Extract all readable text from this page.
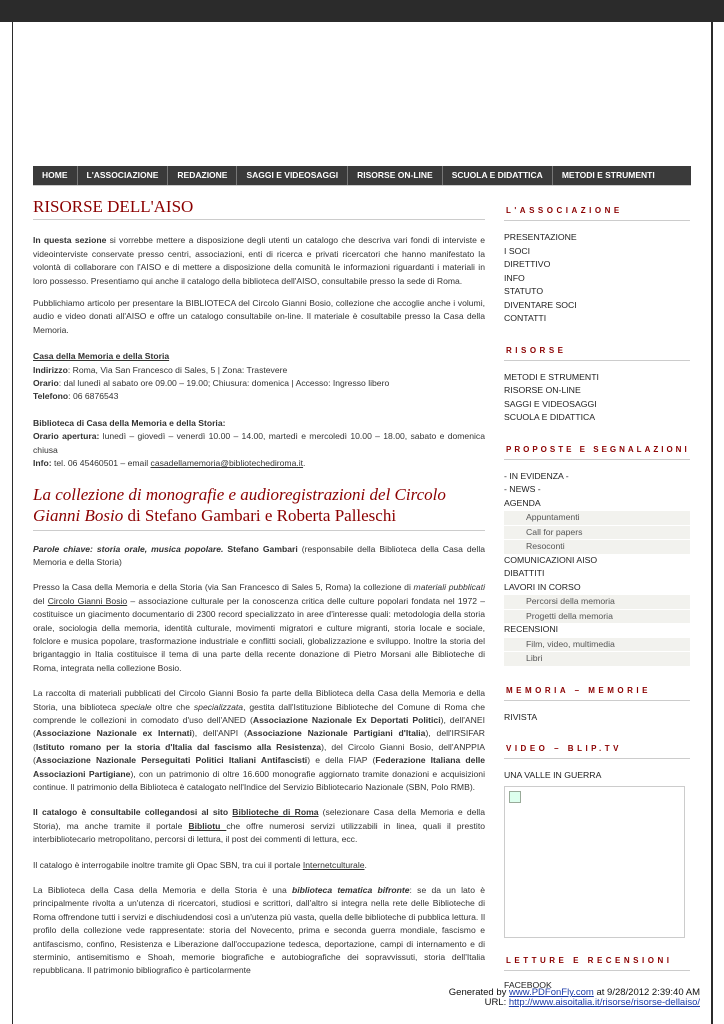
HOME	L'ASSOCIAZIONE	REDAZIONE	SAGGI E VIDEOSAGGI	RISORSE ON-LINE	SCUOLA E DIDATTICA	METODI E STRUMENTI
RISORSE DELL'AISO

In questa sezione si vorrebbe mettere a disposizione degli utenti un catalogo che descriva vari fondi di interviste e videointerviste conservate presso centri, associazioni, enti di ricerca e privati ricercatori che hanno manifestato la volontà di collaborare con l'AISO e di mettere a disposizione della comunità le informazioni riguardanti i materiali in loro possesso. Presentiamo qui anche il catalogo della biblioteca dell'AISO, consultabile presso la sede di Roma.

Pubblichiamo articolo per presentare la BIBLIOTECA del Circolo Gianni Bosio, collezione che accoglie anche i volumi, audio e video donati all'AISO e offre un catalogo consultabile on-line. Il materiale è cosultabile presso la Casa della Memoria.

Casa della Memoria e della Storia
Indirizzo: Roma, Via San Francesco di Sales, 5 | Zona: Trastevere
Orario: dal lunedì al sabato ore 09.00 – 19.00; Chiusura: domenica | Accesso: Ingresso libero
Telefono: 06 6876543

Biblioteca di Casa della Memoria e della Storia:
Orario apertura: lunedì – giovedì – venerdì 10.00 – 14.00, martedì e mercoledì 10.00 – 18.00, sabato e domenica chiusa
Info: tel. 06 45460501 – email casadellamemoria@bibliotechediroma.it.

La collezione di monografie e audioregistrazioni del Circolo Gianni Bosio di Stefano Gambari e Roberta Palleschi

Parole chiave: storia orale, musica popolare. Stefano Gambari (responsabile della Biblioteca della Casa della Memoria e della Storia)

Presso la Casa della Memoria e della Storia (via San Francesco di Sales 5, Roma) la collezione di materiali pubblicati del Circolo Gianni Bosio – associazione culturale per la conoscenza critica delle culture popolari fondata nel 1972 – costituisce un giacimento documentario di 2300 record specializzato in aree d'interesse quali: metodologia della storia orale, sociologia della memoria, identità culturale, movimenti migratori e culture migranti, storia locale e sociale, folclore e musica popolare, trasformazione industriale e conflitti sociali, globalizzazione e sviluppo. Inoltre la storia del brigantaggio in Italia costituisce il tema di una parte della recente donazione di Pietro Morsani alle Biblioteche di Roma, integrata nella collezione Bosio.

La raccolta di materiali pubblicati del Circolo Gianni Bosio fa parte della Biblioteca della Casa della Memoria e della Storia, una biblioteca speciale oltre che specializzata, gestita dall'Istituzione Biblioteche del Comune di Roma che comprende le collezioni in comodato d'uso dell'ANED (Associazione Nazionale Ex Deportati Politici), dell'ANEI (Associazione Nazionale ex Internati), dell'ANPI (Associazione Nazionale Partigiani d'Italia), dell'IRSIFAR (Istituto romano per la storia d'Italia dal fascismo alla Resistenza), del Circolo Gianni Bosio, dell'ANPPIA (Associazione Nazionale Perseguitati Politici Italiani Antifascisti) e della FIAP (Federazione Italiana delle Associazioni Partigiane), con un patrimonio di oltre 16.600 monografie aggiornato tramite donazioni e acquisizioni continue. Il patrimonio della Biblioteca è catalogato nell'Indice del Servizio Bibliotecario Nazionale (SBN, Polo RMB).

Il catalogo è consultabile collegandosi al sito Biblioteche di Roma (selezionare Casa della Memoria e della Storia), ma anche tramite il portale Bibliotu che offre numerosi servizi utilizzabili in linea, quali il prestito interbibliotecario metropolitano, percorsi di lettura, il post dei commenti di lettura, ecc.

Il catalogo è interrogabile inoltre tramite gli Opac SBN, tra cui il portale Internetculturale.

La Biblioteca della Casa della Memoria e della Storia è una biblioteca tematica bifronte: se da un lato è principalmente rivolta a un'utenza di ricercatori, studiosi e scrittori, dall'altro si integra nella rete delle Biblioteche di Roma offrendone tutti i servizi e dischiudendosi così a un'utenza più vasta, quella delle biblioteche di pubblica lettura. Il profilo della collezione vede rappresentate: storia del Novecento, prima e seconda guerra mondiale, fascismo e antifascismo, confino, Resistenza e Liberazione dall'occupazione tedesca, deportazione, campi di internamento e di sterminio, antisemitismo e Shoah, memorie biografiche e autobiografiche dei sopravvissuti, storia dell'Italia repubblicana. Il patrimonio bibliografico è particolarmente

L'ASSOCIAZIONE
PRESENTAZIONE
I SOCI
DIRETTIVO
INFO
STATUTO
DIVENTARE SOCI
CONTATTI
RISORSE
METODI E STRUMENTI
RISORSE ON-LINE
SAGGI E VIDEOSAGGI
SCUOLA E DIDATTICA
PROPOSTE E SEGNALAZIONI
- IN EVIDENZA -
- NEWS -
AGENDA
Appuntamenti
Call for papers
Resoconti
COMUNICAZIONI AISO
DIBATTITI
LAVORI IN CORSO
Percorsi della memoria
Progetti della memoria
RECENSIONI
Film, video, multimedia
Libri
MEMORIA – MEMORIE
RIVISTA
VIDEO – BLIP.TV
UNA VALLE IN GUERRA
LETTURE E RECENSIONI
FACEBOOK
Generated by www.PDFonFly.com at 9/28/2012 2:39:40 AM
URL: http://www.aisoitalia.it/risorse/risorse-dellaiso/
